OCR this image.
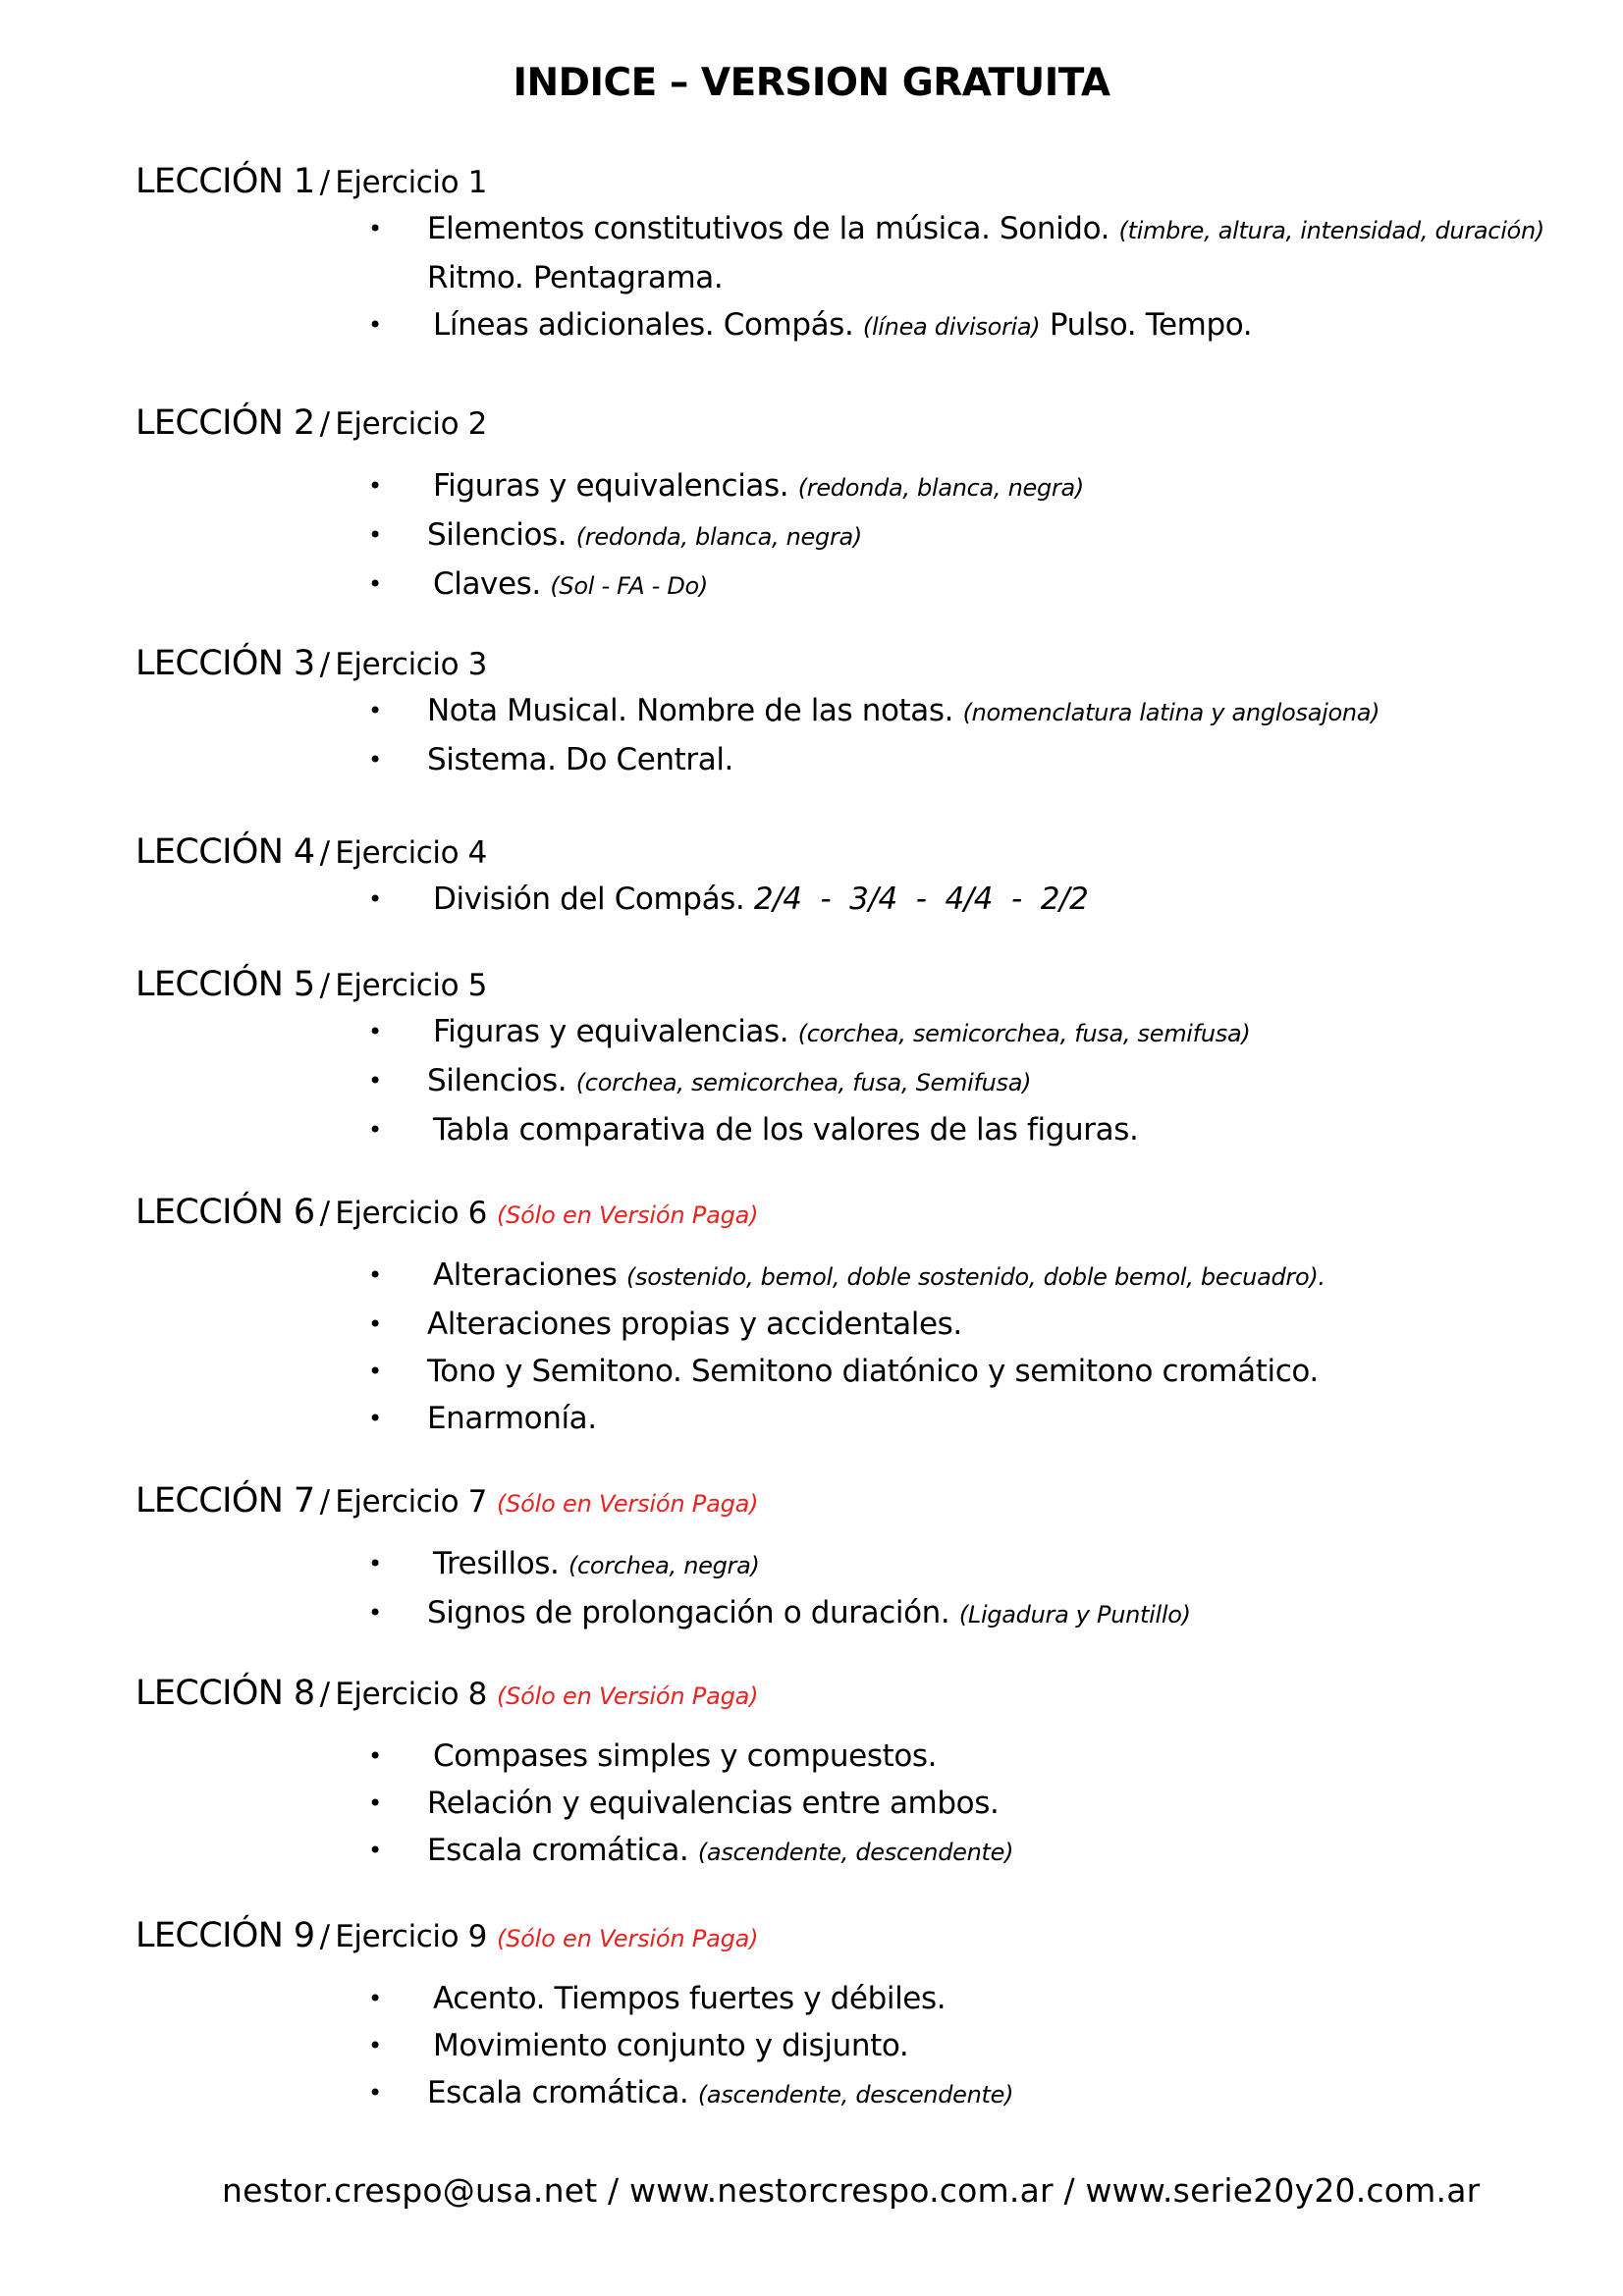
INDICE – VERSION GRATUITA
LECCIÓN 1 / Ejercicio 1
• Elementos constitutivos de la música. Sonido. (timbre, altura, intensidad, duración) Ritmo. Pentagrama.
• Líneas adicionales. Compás. (línea divisoria) Pulso. Tempo.
LECCIÓN 2 / Ejercicio 2
• Figuras y equivalencias. (redonda, blanca, negra)
• Silencios. (redonda, blanca, negra)
• Claves. (Sol - FA - Do)
LECCIÓN 3 / Ejercicio 3
• Nota Musical. Nombre de las notas. (nomenclatura latina y anglosajona)
• Sistema. Do Central.
LECCIÓN 4 / Ejercicio 4
• División del Compás. 2/4  -  3/4  -  4/4  -  2/2
LECCIÓN 5 / Ejercicio 5
• Figuras y equivalencias. (corchea, semicorchea, fusa, semifusa)
• Silencios. (corchea, semicorchea, fusa, Semifusa)
• Tabla comparativa de los valores de las figuras.
LECCIÓN 6 / Ejercicio 6 (Sólo en Versión Paga)
• Alteraciones (sostenido, bemol, doble sostenido, doble bemol, becuadro).
• Alteraciones propias y accidentales.
• Tono y Semitono. Semitono diatónico y semitono cromático.
• Enarmonía.
LECCIÓN 7 / Ejercicio 7 (Sólo en Versión Paga)
• Tresillos. (corchea, negra)
• Signos de prolongación o duración. (Ligadura y Puntillo)
LECCIÓN 8 / Ejercicio 8 (Sólo en Versión Paga)
• Compases simples y compuestos.
• Relación y equivalencias entre ambos.
• Escala cromática. (ascendente, descendente)
LECCIÓN 9 / Ejercicio 9 (Sólo en Versión Paga)
• Acento. Tiempos fuertes y débiles.
• Movimiento conjunto y disjunto.
• Escala cromática. (ascendente, descendente)
nestor.crespo@usa.net / www.nestorcrespo.com.ar / www.serie20y20.com.ar
